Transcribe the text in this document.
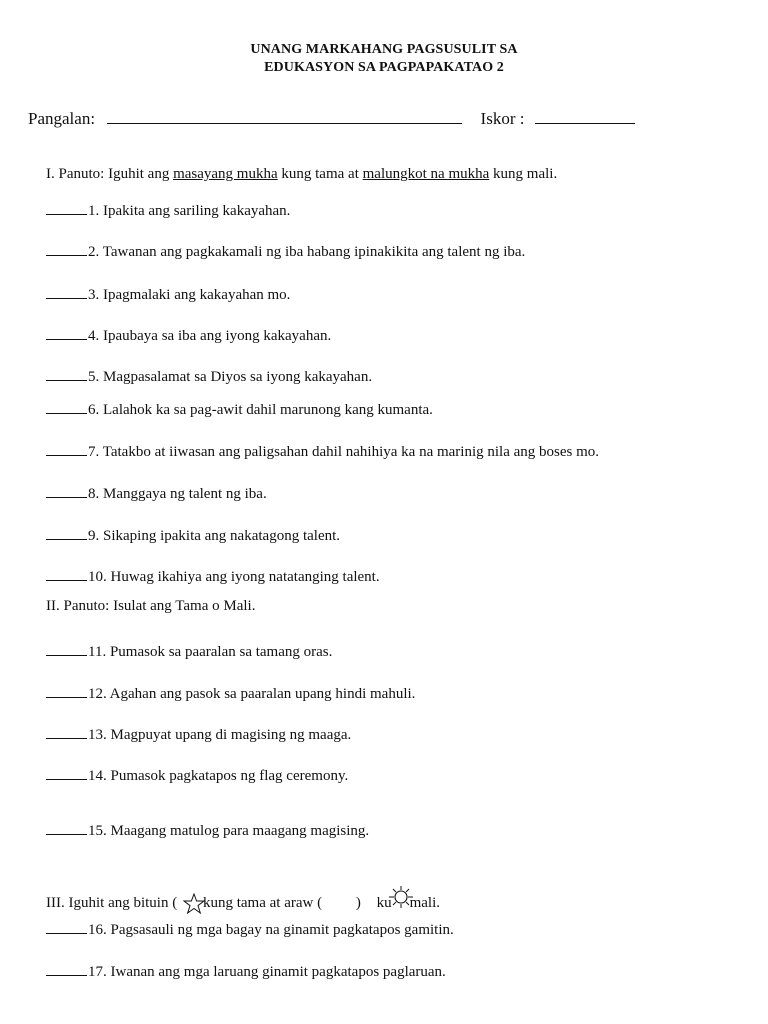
UNANG MARKAHANG PAGSUSULIT SA
EDUKASYON SA PAGPAPAKATAO 2
Pangalan:	Iskor :
I. Panuto: Iguhit ang masayang mukha kung tama at malungkot na mukha kung mali.
1. Ipakita ang sariling kakayahan.
2. Tawanan ang pagkakamali ng iba habang ipinakikita ang talent ng iba.
3. Ipagmalaki ang kakayahan mo.
4. Ipaubaya sa iba ang iyong kakayahan.
5. Magpasalamat sa Diyos sa iyong kakayahan.
6. Lalahok ka sa pag-awit dahil marunong kang kumanta.
7. Tatakbo at iiwasan ang paligsahan dahil nahihiya ka na marinig nila ang boses mo.
8. Manggaya ng talent ng iba.
9. Sikaping ipakita ang nakatagong talent.
10. Huwag ikahiya ang iyong natatanging talent.
II. Panuto: Isulat ang Tama o Mali.
11. Pumasok sa paaralan sa tamang oras.
12. Agahan ang pasok sa paaralan upang hindi mahuli.
13. Magpuyat upang di magising ng maaga.
14. Pumasok pagkatapos ng flag ceremony.
15. Maagang matulog para maagang magising.
III. Iguhit ang bituin ( kung tama at araw ( ) ku mali.
16. Pagsasauli ng mga bagay na ginamit pagkatapos gamitin.
17. Iwanan ang mga laruang ginamit pagkatapos paglaruan.
